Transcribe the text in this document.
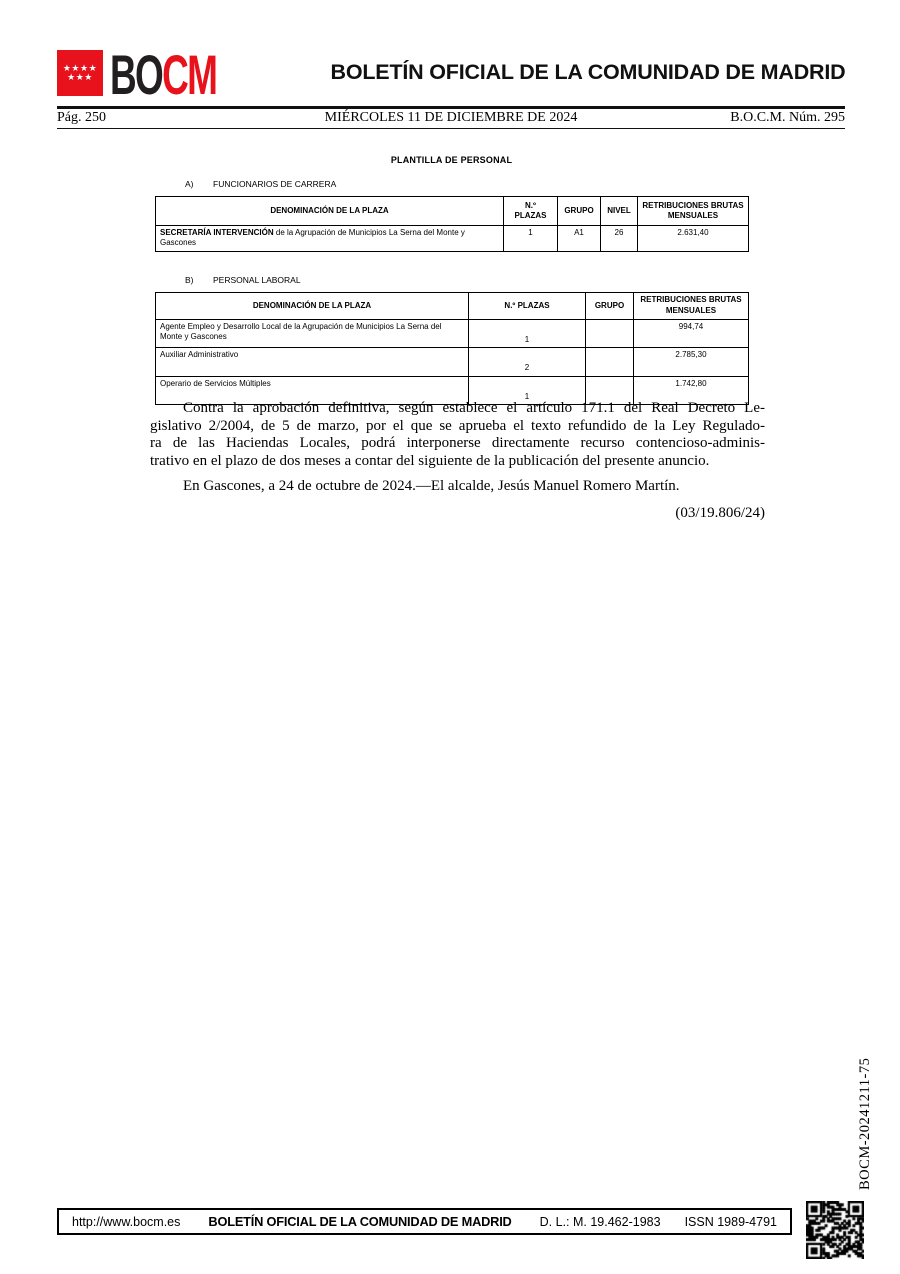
★★★★
★★★ BOCM	BOLETÍN OFICIAL DE LA COMUNIDAD DE MADRID
Pág. 250	MIÉRCOLES 11 DE DICIEMBRE DE 2024	B.O.C.M. Núm. 295
PLANTILLA DE PERSONAL
A)	FUNCIONARIOS DE CARRERA
DENOMINACIÓN DE LA PLAZA	N.º PLAZAS	GRUPO	NIVEL	RETRIBUCIONES BRUTAS MENSUALES
SECRETARÍA INTERVENCIÓN de la Agrupación de Municipios La Serna del Monte y Gascones	1	A1	26	2.631,40
B)	PERSONAL LABORAL
DENOMINACIÓN DE LA PLAZA	N.º PLAZAS	GRUPO	RETRIBUCIONES BRUTAS MENSUALES
Agente Empleo y Desarrollo Local de la Agrupación de Municipios La Serna del Monte y Gascones	1		994,74
Auxiliar Administrativo	2		2.785,30
Operario de Servicios Múltiples	1		1.742,80
Contra la aprobación definitiva, según establece el artículo 171.1 del Real Decreto Le-
gislativo 2/2004, de 5 de marzo, por el que se aprueba el texto refundido de la Ley Regulado-
ra de las Haciendas Locales, podrá interponerse directamente recurso contencioso-adminis-
trativo en el plazo de dos meses a contar del siguiente de la publicación del presente anuncio.
En Gascones, a 24 de octubre de 2024.—El alcalde, Jesús Manuel Romero Martín.
(03/19.806/24)
BOCM-20241211-75
http://www.bocm.es BOLETÍN OFICIAL DE LA COMUNIDAD DE MADRID D. L.: M. 19.462-1983 ISSN 1989-4791
